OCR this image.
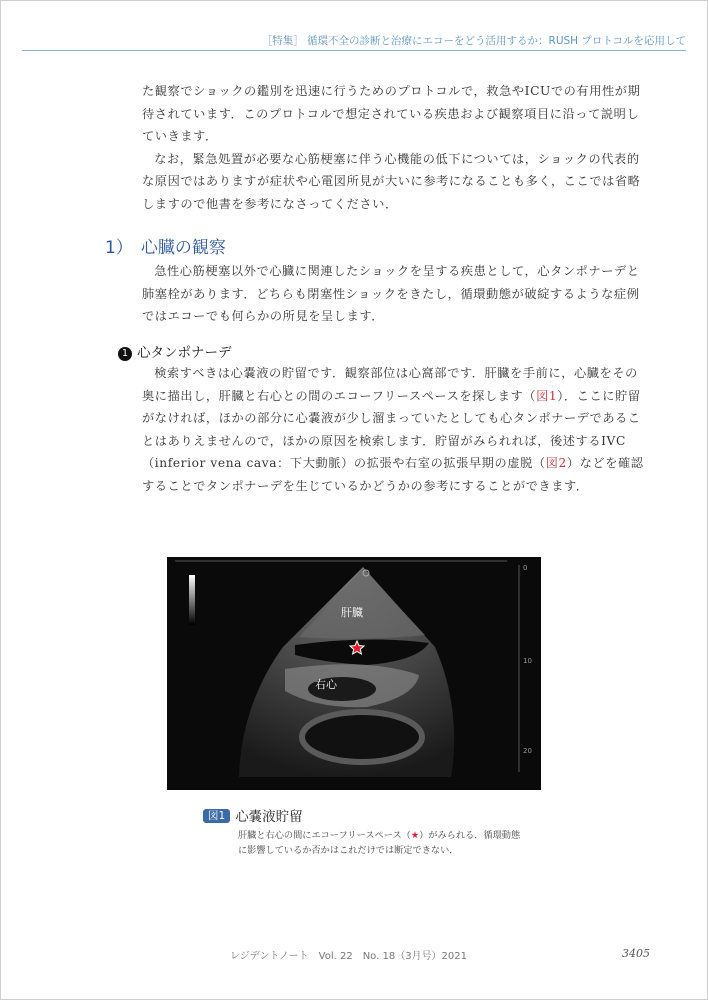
［特集］ 循環不全の診断と治療にエコーをどう活用するか：RUSH プロトコルを応用して

た観察でショックの鑑別を迅速に行うためのプロトコルで，救急やICUでの有用性が期待されています．このプロトコルで想定されている疾患および観察項目に沿って説明していきます．

なお，緊急処置が必要な心筋梗塞に伴う心機能の低下については，ショックの代表的な原因ではありますが症状や心電図所見が大いに参考になることも多く，ここでは省略しますので他書を参考になさってください．

1） 心臓の観察

急性心筋梗塞以外で心臓に関連したショックを呈する疾患として，心タンポナーデと肺塞栓があります．どちらも閉塞性ショックをきたし，循環動態が破綻するような症例ではエコーでも何らかの所見を呈します．

1 心タンポナーデ

検索すべきは心嚢液の貯留です．観察部位は心窩部です．肝臓を手前に，心臓をその奥に描出し，肝臓と右心との間のエコーフリースペースを探します（図1）．ここに貯留がなければ，ほかの部分に心嚢液が少し溜まっていたとしても心タンポナーデであることはありえませんので，ほかの原因を検索します．貯留がみられれば，後述するIVC（inferior vena cava：下大動脈）の拡張や右室の拡張早期の虚脱（図2）などを確認することでタンポナーデを生じているかどうかの参考にすることができます．

0
10
20
肝臓
右心
図1 心嚢液貯留
肝臓と右心の間にエコーフリースペース（★）がみられる．循環動態に影響しているか否かはこれだけでは断定できない．
レジデントノート　Vol. 22　No. 18（3月号）2021	3405
